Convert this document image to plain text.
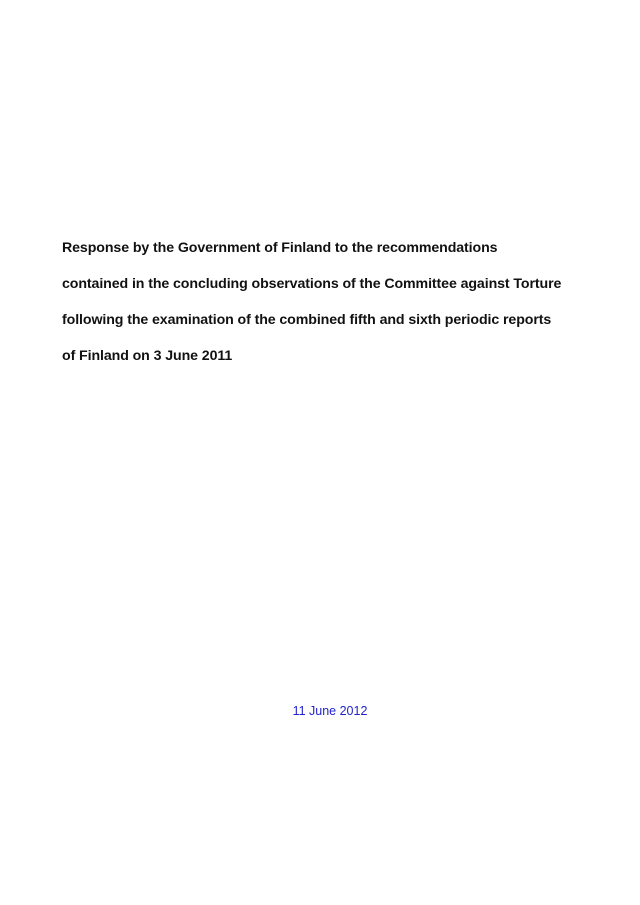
Response by the Government of Finland to the recommendations
contained in the concluding observations of the Committee against Torture
following the examination of the combined fifth and sixth periodic reports
of Finland on 3 June 2011
11 June 2012
